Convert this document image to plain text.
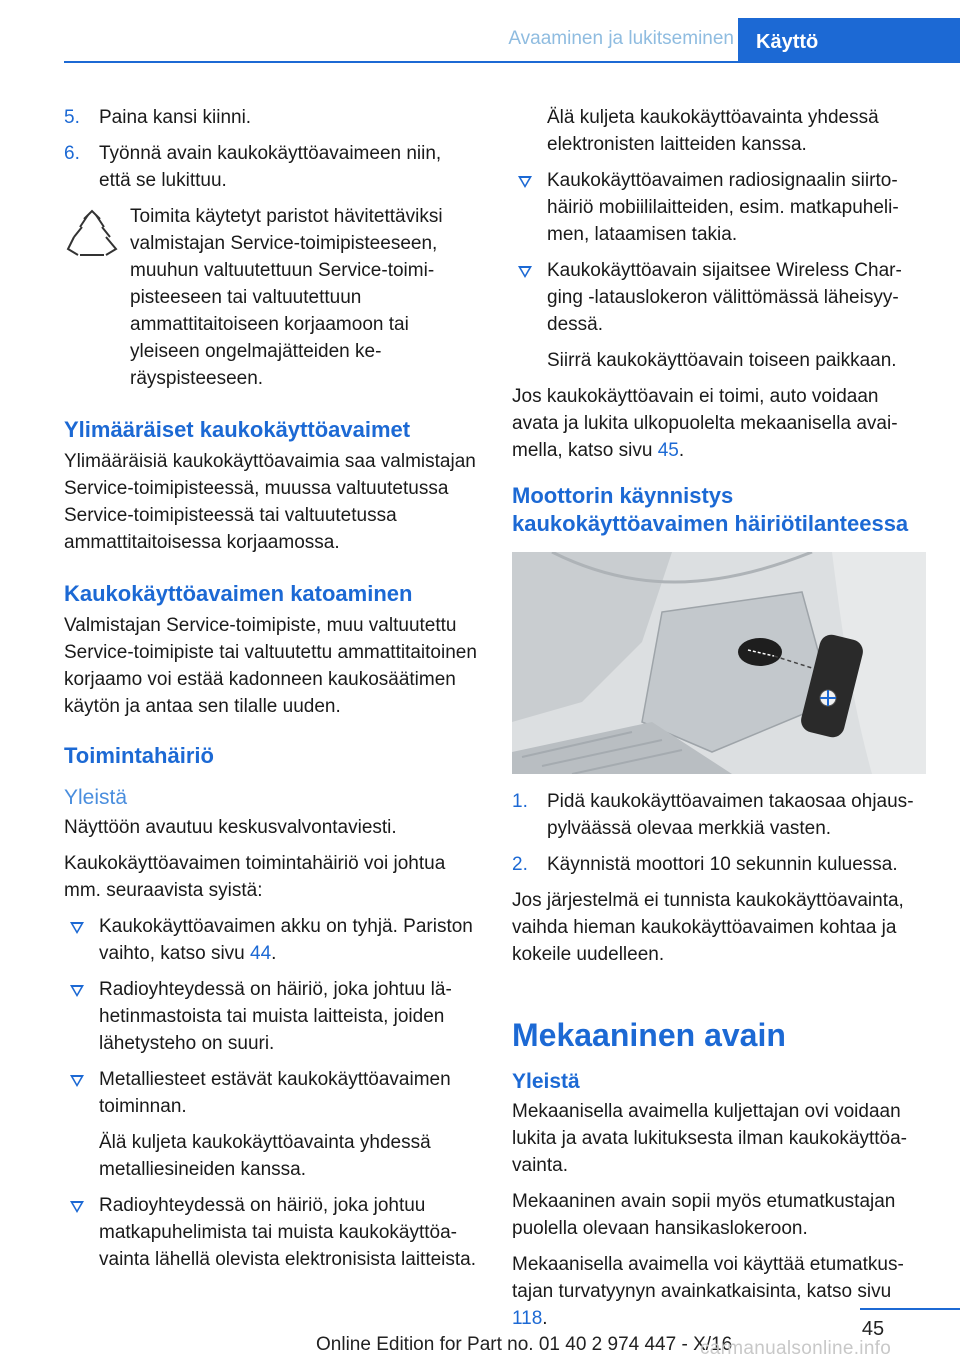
Avaaminen ja lukitseminen	Käyttö
5. Paina kansi kiinni.
6. Työnnä avain kaukokäyttöavaimeen niin, että se lukittuu.

Toimita käytetyt paristot hävitettäviksi valmistajan Service-toimipisteeseen, muuhun valtuutettuun Service-toimipisteeseen tai valtuutettuun ammattitaitoiseen korjaamoon tai yleiseen ongelmajätteiden keräyspisteeseen.

Ylimääräiset kaukokäyttöavaimet

Ylimääräisiä kaukokäyttöavaimia saa valmistajan Service-toimipisteessä, muussa valtuutetussa Service-toimipisteessä tai valtuutetussa ammattitaitoisessa korjaamossa.

Kaukokäyttöavaimen katoaminen

Valmistajan Service-toimipiste, muu valtuutettu Service-toimipiste tai valtuutettu ammattitaitoinen korjaamo voi estää kadonneen kaukosäätimen käytön ja antaa sen tilalle uuden.

Toimintahäiriö
Yleistä

Näyttöön avautuu keskusvalvontaviesti.

Kaukokäyttöavaimen toimintahäiriö voi johtua mm. seuraavista syistä:

Kaukokäyttöavaimen akku on tyhjä. Pariston vaihto, katso sivu 44.
Radioyhteydessä on häiriö, joka johtuu lähetinmastoista tai muista laitteista, joiden lähetysteho on suuri.
Metalliesteet estävät kaukokäyttöavaimen toiminnan.

Älä kuljeta kaukokäyttöavainta yhdessä metalliesineiden kanssa.

Radioyhteydessä on häiriö, joka johtuu matkapuhelimista tai muista kaukokäyttöavainta lähellä olevista elektronisista laitteista.

Älä kuljeta kaukokäyttöavainta yhdessä elektronisten laitteiden kanssa.

Kaukokäyttöavaimen radiosignaalin siirtohäiriö mobiililaitteiden, esim. matkapuhelimen, lataamisen takia.
Kaukokäyttöavain sijaitsee Wireless Charging -latauslokeron välittömässä läheisyydessä.

Siirrä kaukokäyttöavain toiseen paikkaan.

Jos kaukokäyttöavain ei toimi, auto voidaan avata ja lukita ulkopuolelta mekaanisella avaimella, katso sivu 45.

Moottorin käynnistys kaukokäyttöavaimen häiriötilanteessa
1. Pidä kaukokäyttöavaimen takaosaa ohjauspylväässä olevaa merkkiä vasten.
2. Käynnistä moottori 10 sekunnin kuluessa.

Jos järjestelmä ei tunnista kaukokäyttöavainta, vaihda hieman kaukokäyttöavaimen kohtaa ja kokeile uudelleen.

Mekaaninen avain
Yleistä

Mekaanisella avaimella kuljettajan ovi voidaan lukita ja avata lukituksesta ilman kaukokäyttöavainta.

Mekaaninen avain sopii myös etumatkustajan puolella olevaan hansikaslokeroon.

Mekaanisella avaimella voi käyttää etumatkustajan turvatyynyn avainkatkaisinta, katso sivu 118.	45
Online Edition for Part no. 01 40 2 974 447 - X/16
carmanualsonline.info
